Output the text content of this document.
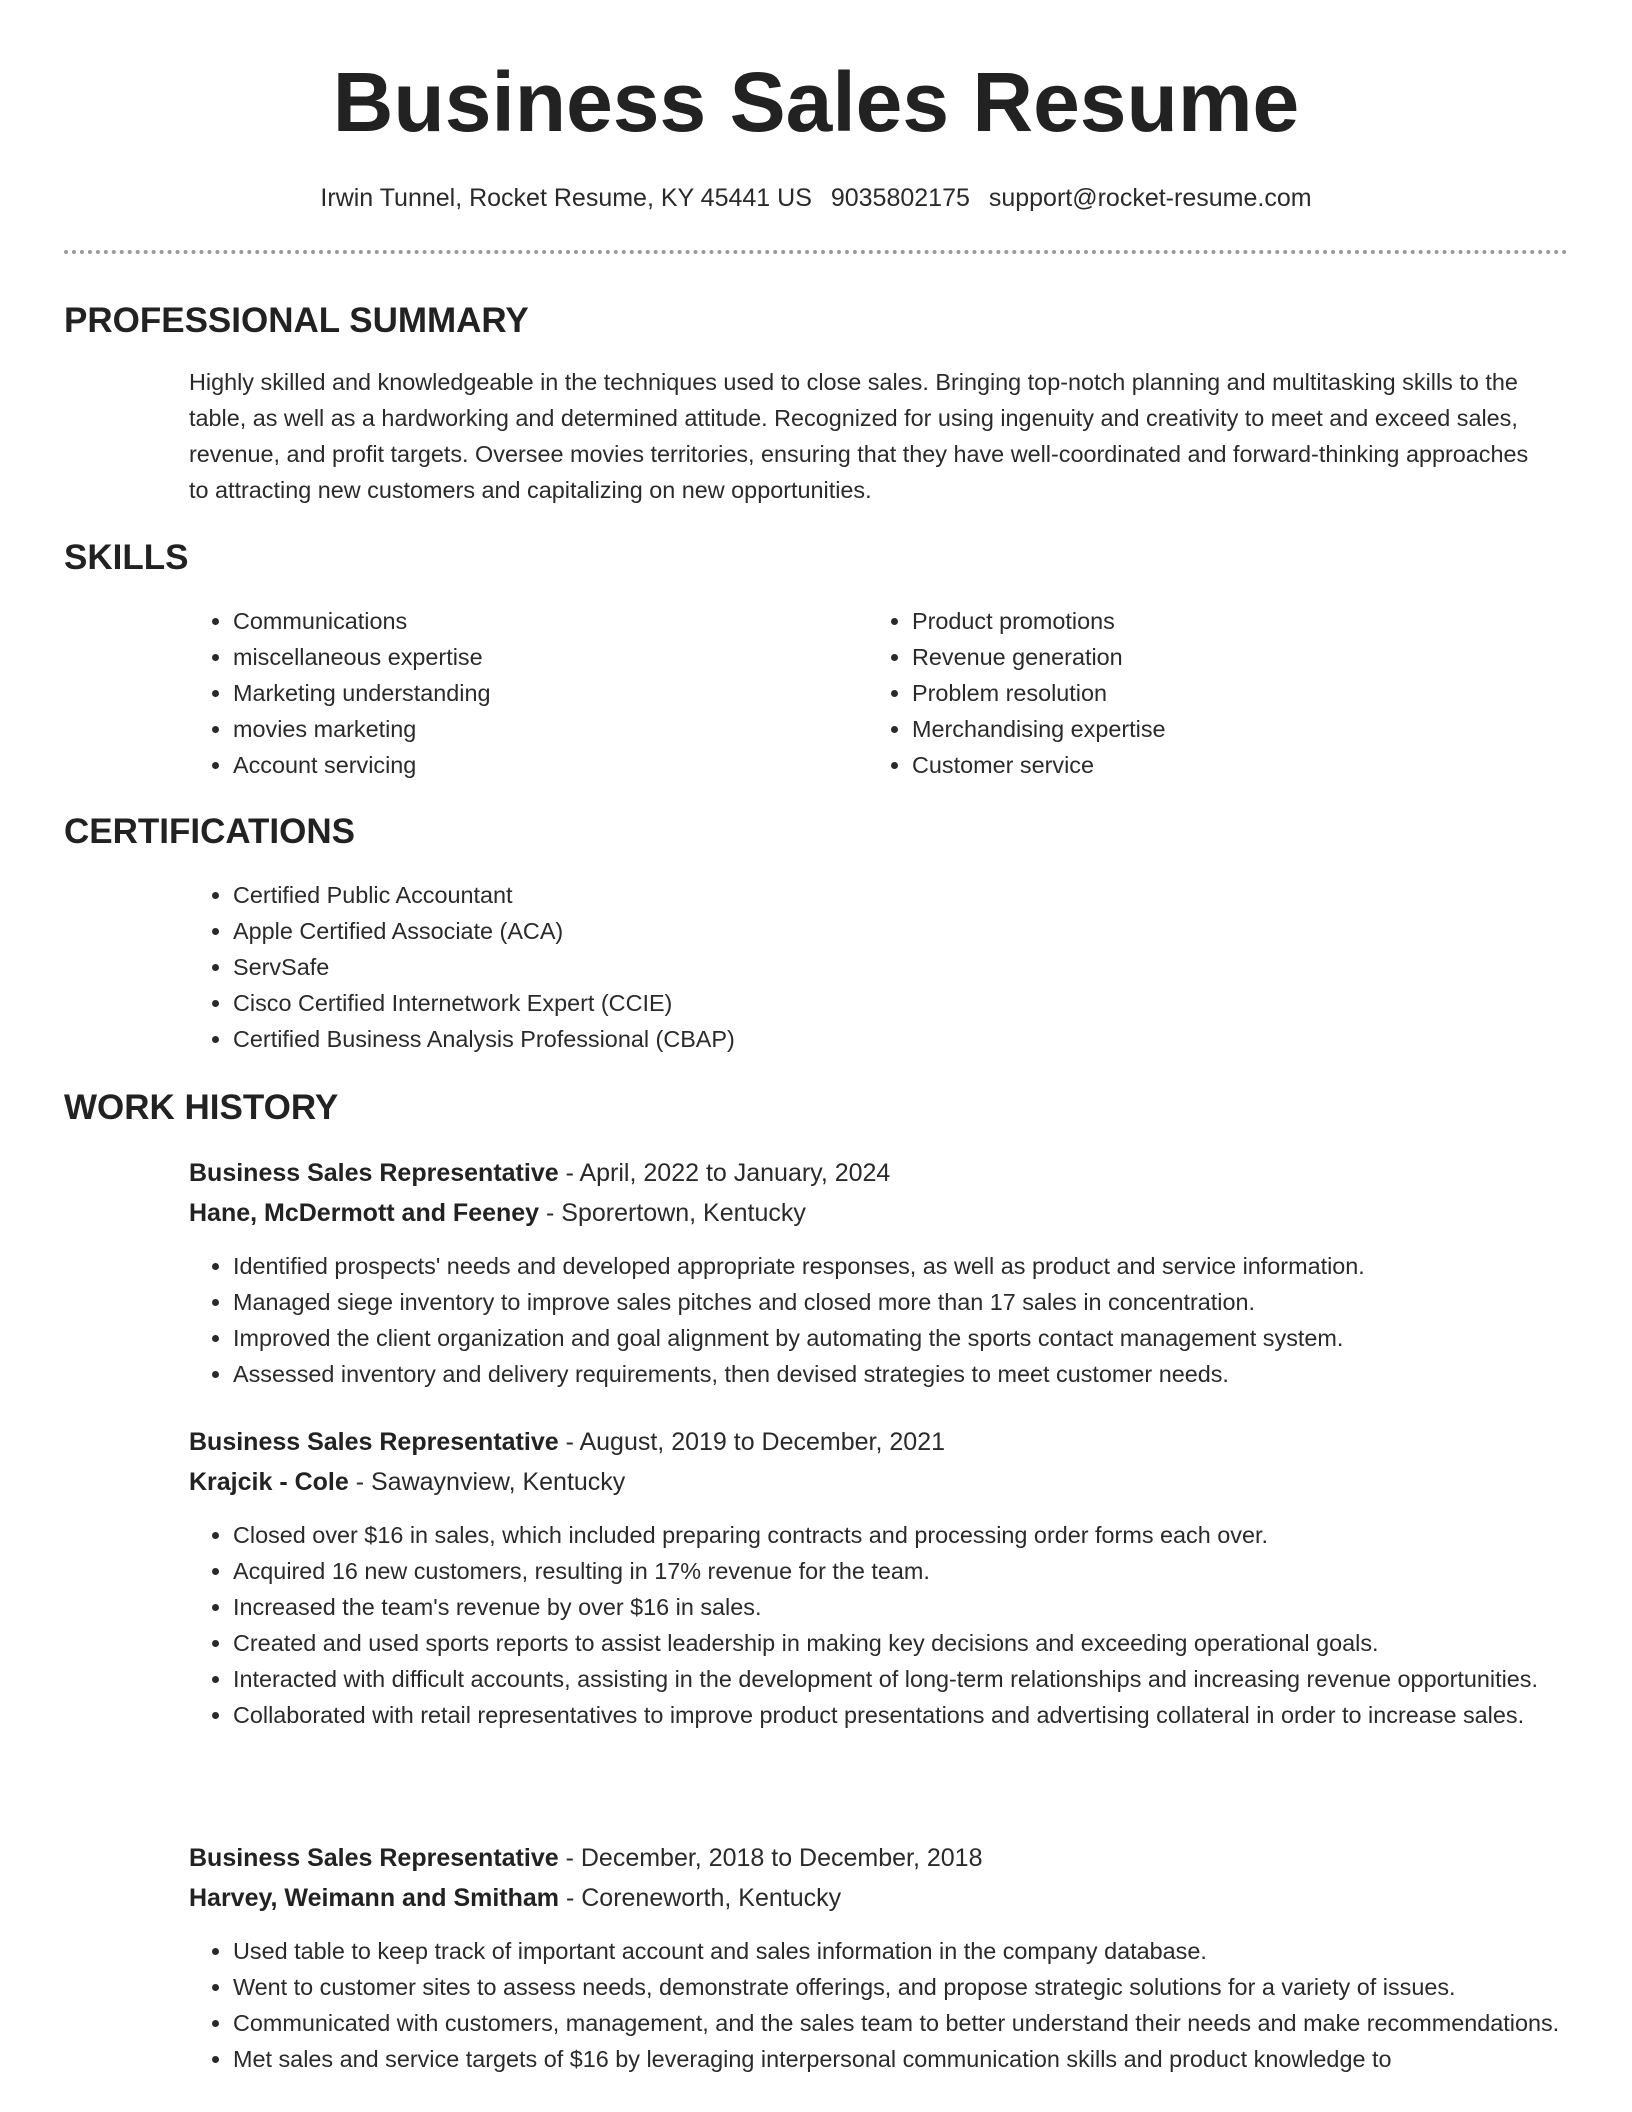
Business Sales Resume
Irwin Tunnel, Rocket Resume, KY 45441 US 9035802175 support@rocket-resume.com
PROFESSIONAL SUMMARY

Highly skilled and knowledgeable in the techniques used to close sales. Bringing top-notch planning and multitasking skills to the table, as well as a hardworking and determined attitude. Recognized for using ingenuity and creativity to meet and exceed sales, revenue, and profit targets. Oversee movies territories, ensuring that they have well-coordinated and forward-thinking approaches to attracting new customers and capitalizing on new opportunities.

SKILLS
• Communications
• miscellaneous expertise
• Marketing understanding
• movies marketing
• Account servicing
• Product promotions
• Revenue generation
• Problem resolution
• Merchandising expertise
• Customer service
CERTIFICATIONS
• Certified Public Accountant
• Apple Certified Associate (ACA)
• ServSafe
• Cisco Certified Internetwork Expert (CCIE)
• Certified Business Analysis Professional (CBAP)
WORK HISTORY
Business Sales Representative - April, 2022 to January, 2024
Hane, McDermott and Feeney - Sporertown, Kentucky
• Identified prospects' needs and developed appropriate responses, as well as product and service information.
• Managed siege inventory to improve sales pitches and closed more than 17 sales in concentration.
• Improved the client organization and goal alignment by automating the sports contact management system.
• Assessed inventory and delivery requirements, then devised strategies to meet customer needs.
Business Sales Representative - August, 2019 to December, 2021
Krajcik - Cole - Sawaynview, Kentucky
• Closed over $16 in sales, which included preparing contracts and processing order forms each over.
• Acquired 16 new customers, resulting in 17% revenue for the team.
• Increased the team's revenue by over $16 in sales.
• Created and used sports reports to assist leadership in making key decisions and exceeding operational goals.
• Interacted with difficult accounts, assisting in the development of long-term relationships and increasing revenue opportunities.
• Collaborated with retail representatives to improve product presentations and advertising collateral in order to increase sales.
Business Sales Representative - December, 2018 to December, 2018
Harvey, Weimann and Smitham - Coreneworth, Kentucky
• Used table to keep track of important account and sales information in the company database.
• Went to customer sites to assess needs, demonstrate offerings, and propose strategic solutions for a variety of issues.
• Communicated with customers, management, and the sales team to better understand their needs and make recommendations.
• Met sales and service targets of $16 by leveraging interpersonal communication skills and product knowledge to
